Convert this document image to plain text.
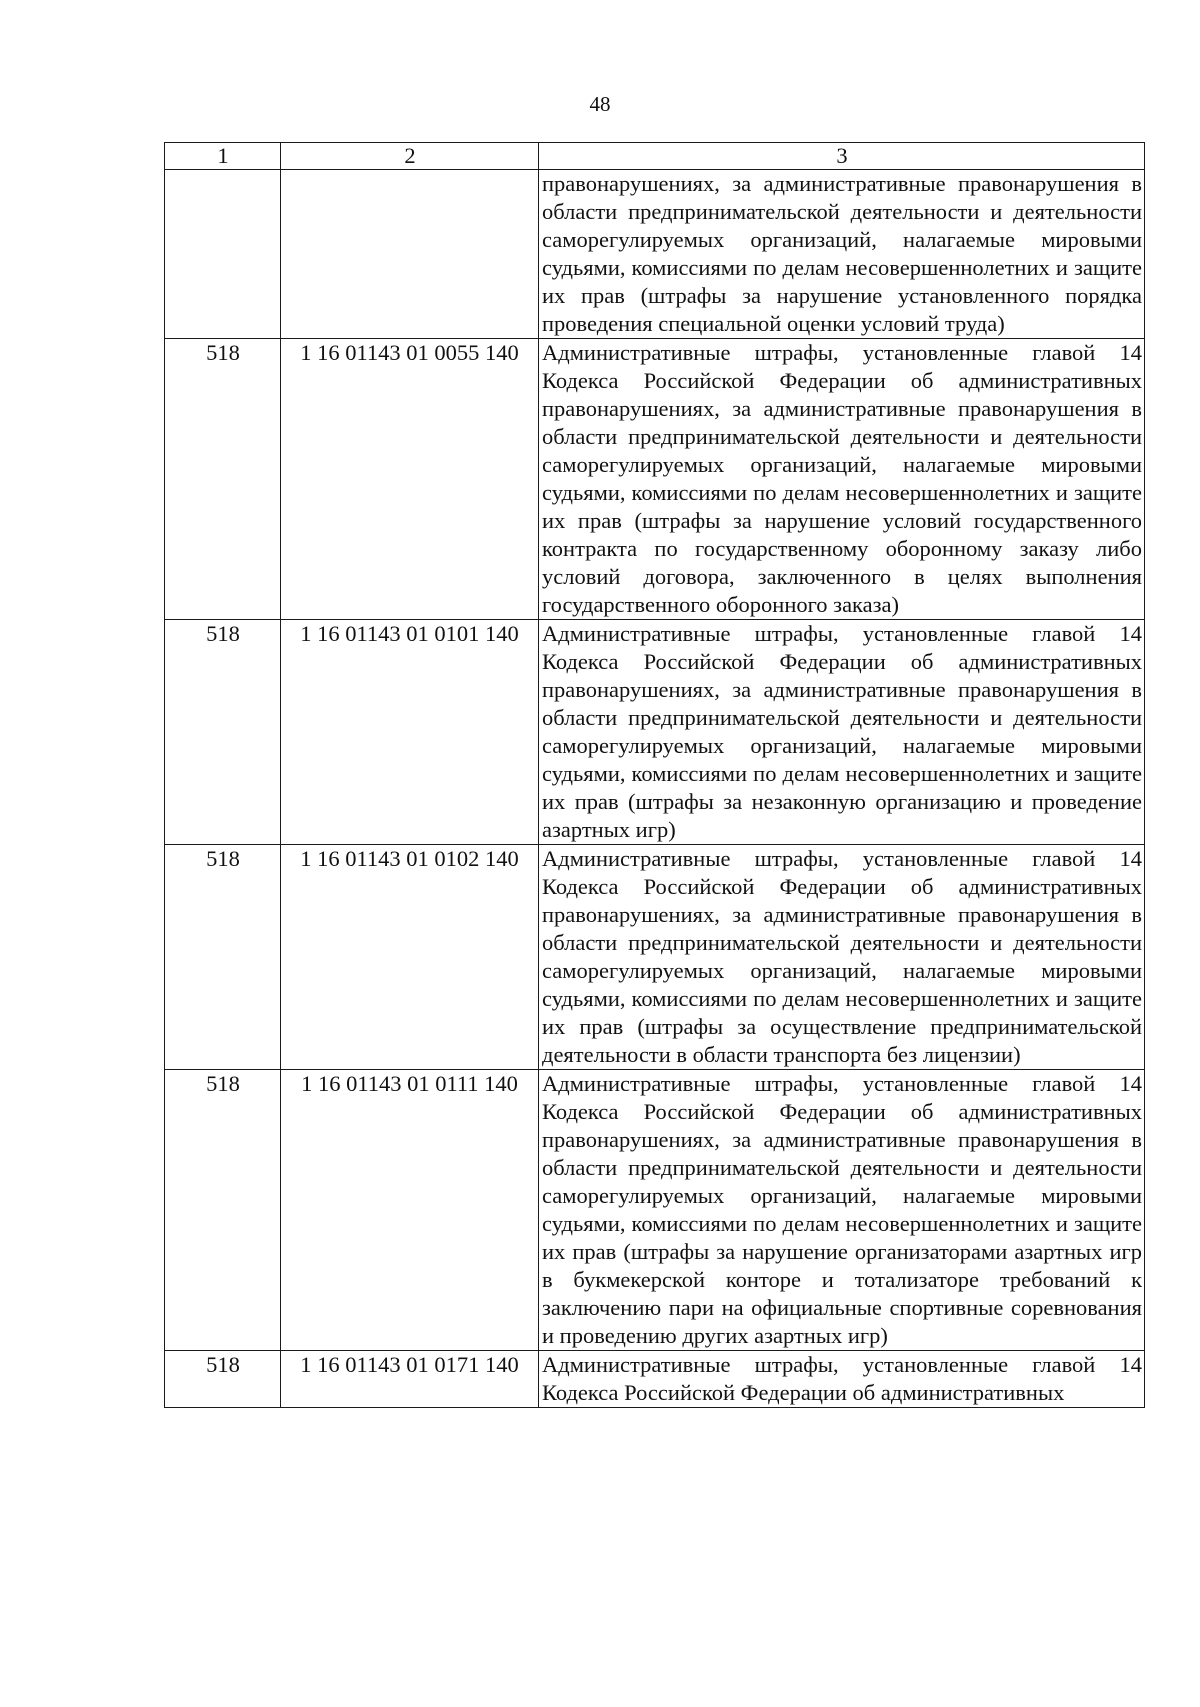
48
1	2	3
		правонарушениях, за административные правонарушения в области предпринимательской деятельности и деятельности саморегулируемых организаций, налагаемые мировыми судьями, комиссиями по делам несовершеннолетних и защите их прав (штрафы за нарушение установленного порядка проведения специальной оценки условий труда)
518	1 16 01143 01 0055 140	Административные штрафы, установленные главой 14 Кодекса Российской Федерации об административных правонарушениях, за административные правонарушения в области предпринимательской деятельности и деятельности саморегулируемых организаций, налагаемые мировыми судьями, комиссиями по делам несовершеннолетних и защите их прав (штрафы за нарушение условий государственного контракта по государственному оборонному заказу либо условий договора, заключенного в целях выполнения государственного оборонного заказа)
518	1 16 01143 01 0101 140	Административные штрафы, установленные главой 14 Кодекса Российской Федерации об административных правонарушениях, за административные правонарушения в области предпринимательской деятельности и деятельности саморегулируемых организаций, налагаемые мировыми судьями, комиссиями по делам несовершеннолетних и защите их прав (штрафы за незаконную организацию и проведение азартных игр)
518	1 16 01143 01 0102 140	Административные штрафы, установленные главой 14 Кодекса Российской Федерации об административных правонарушениях, за административные правонарушения в области предпринимательской деятельности и деятельности саморегулируемых организаций, налагаемые мировыми судьями, комиссиями по делам несовершеннолетних и защите их прав (штрафы за осуществление предпринимательской деятельности в области транспорта без лицензии)
518	1 16 01143 01 0111 140	Административные штрафы, установленные главой 14 Кодекса Российской Федерации об административных правонарушениях, за административные правонарушения в области предпринимательской деятельности и деятельности саморегулируемых организаций, налагаемые мировыми судьями, комиссиями по делам несовершеннолетних и защите их прав (штрафы за нарушение организаторами азартных игр в букмекерской конторе и тотализаторе требований к заключению пари на официальные спортивные соревнования и проведению других азартных игр)
518	1 16 01143 01 0171 140	Административные штрафы, установленные главой 14 Кодекса Российской Федерации об административных
